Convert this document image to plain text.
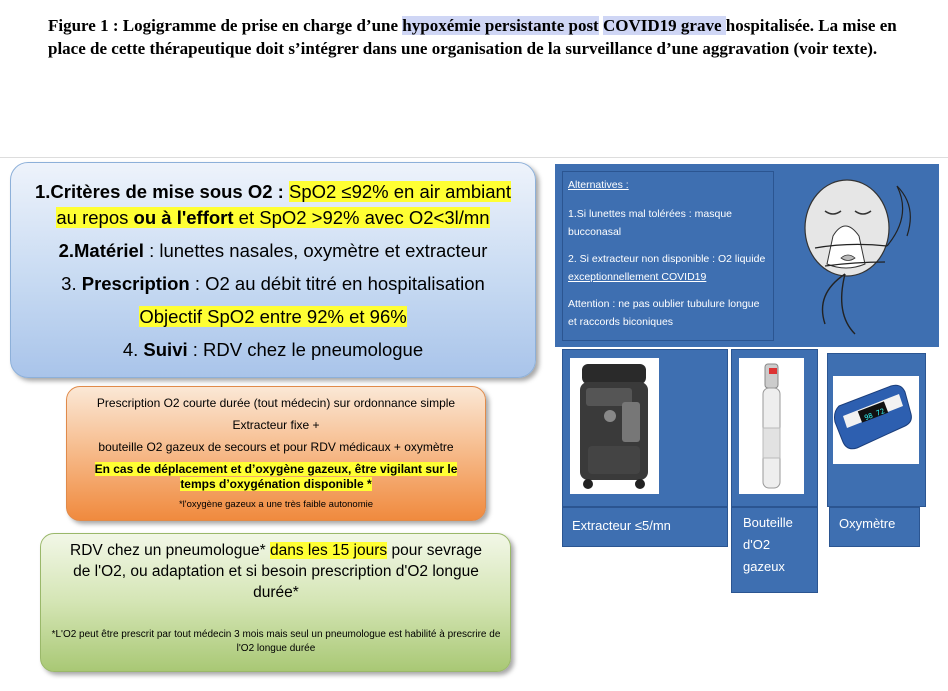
Figure 1 : Logigramme de prise en charge d’une hypoxémie persistante post COVID19 grave hospitalisée. La mise en place de cette thérapeutique doit s’intégrer dans une organisation de la surveillance d’une aggravation (voir texte).
1.Critères de mise sous O2 : SpO2 ≤92% en air ambiant
au repos ou à l'effort et SpO2 >92% avec O2<3l/mn
2.Matériel : lunettes nasales, oxymètre et extracteur
3. Prescription : O2 au débit titré en hospitalisation
Objectif SpO2 entre 92% et 96%
4. Suivi : RDV chez le pneumologue
Prescription O2 courte durée (tout médecin) sur ordonnance simple
Extracteur fixe +
bouteille O2 gazeux de secours et pour RDV médicaux + oxymètre
En cas de déplacement et d’oxygène gazeux, être vigilant sur le
temps d’oxygénation disponible *
*l'oxygène gazeux a une très faible autonomie
RDV chez un pneumologue* dans les 15 jours pour sevrage de l'O2, ou adaptation et si besoin prescription d'O2 longue durée*
*L'O2 peut être prescrit par tout médecin 3 mois mais seul un pneumologue est habilité à prescrire de l'O2 longue durée

Alternatives :

1.Si lunettes mal tolérées : masque bucconasal

2. Si extracteur non disponible : O2 liquide exceptionnellement COVID19

Attention : ne pas oublier tubulure longue et raccords biconiques

98 72
Extracteur ≤5/mn	Bouteille
d'O2
gazeux
Oxymètre
